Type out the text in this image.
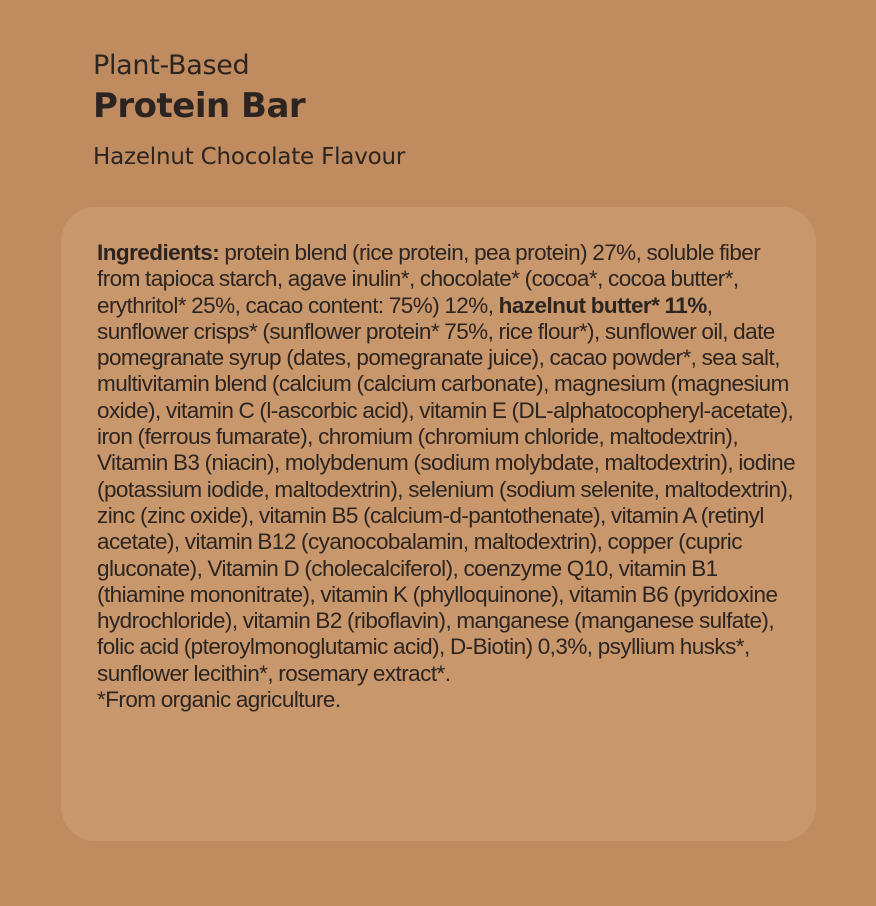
Plant-Based
Protein Bar
Hazelnut Chocolate Flavour
Ingredients: protein blend (rice protein, pea protein) 27%, soluble fiber from tapioca starch, agave inulin*, chocolate* (cocoa*, cocoa butter*, erythritol* 25%, cacao content: 75%) 12%, hazelnut butter* 11%, sunflower crisps* (sunflower protein* 75%, rice flour*), sunflower oil, date pomegranate syrup (dates, pomegranate juice), cacao powder*, sea salt, multivitamin blend (calcium (calcium carbonate), magnesium (magnesium oxide), vitamin C (l-ascorbic acid), vitamin E (DL-alphatocopheryl-acetate), iron (ferrous fumarate), chromium (chromium chloride, maltodextrin), Vitamin B3 (niacin), molybdenum (sodium molybdate, maltodextrin), iodine (potassium iodide, maltodextrin), selenium (sodium selenite, maltodextrin), zinc (zinc oxide), vitamin B5 (calcium-d-pantothenate), vitamin A (retinyl acetate), vitamin B12 (cyanocobalamin, maltodextrin), copper (cupric gluconate), Vitamin D (cholecalciferol), coenzyme Q10, vitamin B1 (thiamine mononitrate), vitamin K (phylloquinone), vitamin B6 (pyridoxine hydrochloride), vitamin B2 (riboflavin), manganese (manganese sulfate), folic acid (pteroylmonoglutamic acid), D-Biotin) 0,3%, psyllium husks*, sunflower lecithin*, rosemary extract*.
*From organic agriculture.
